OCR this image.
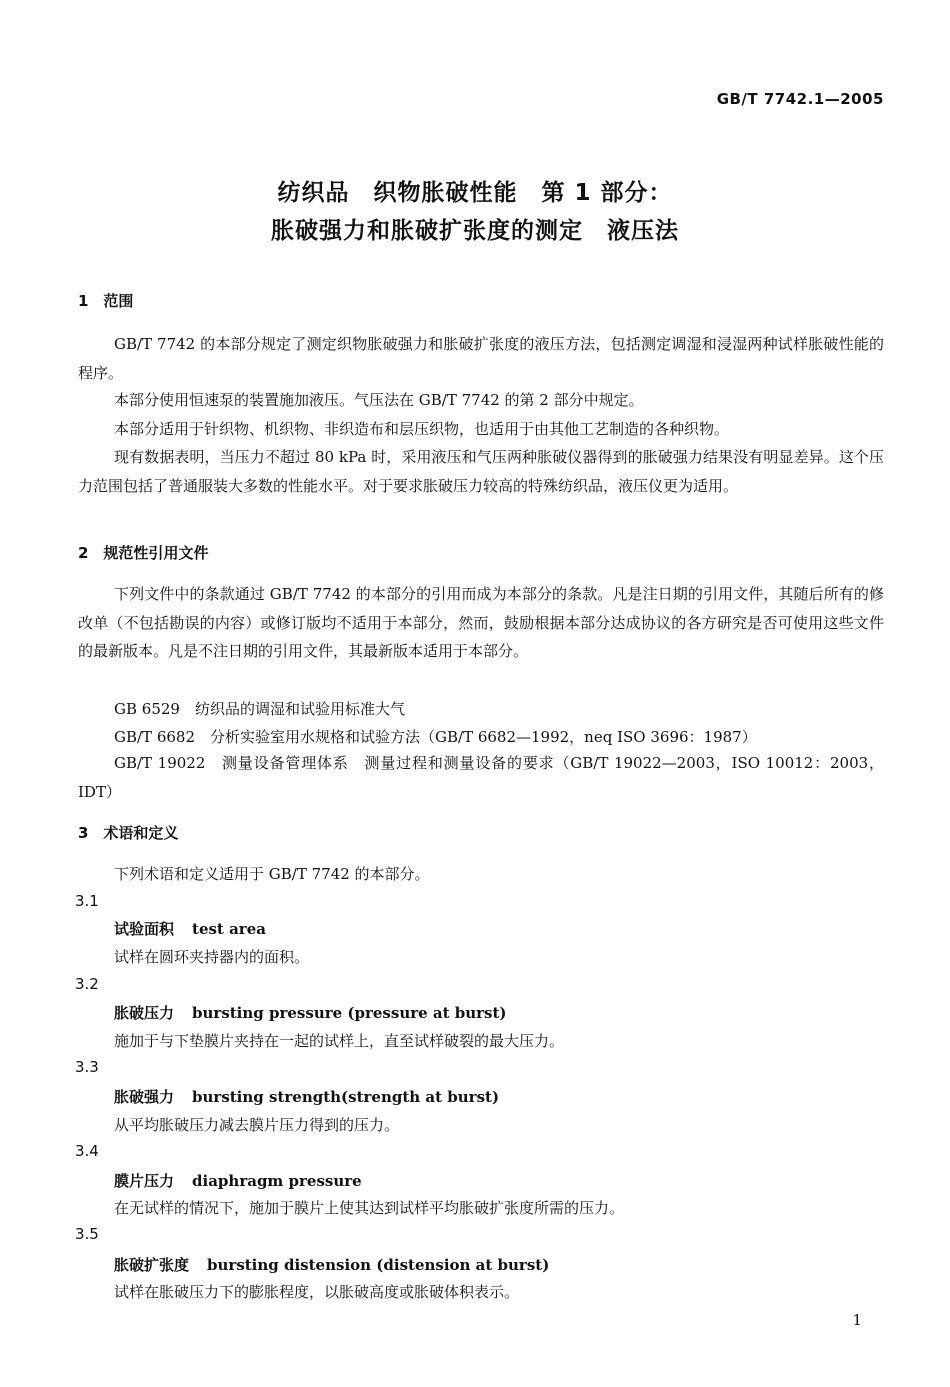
GB/T 7742.1—2005
纺织品　织物胀破性能　第 1 部分：
胀破强力和胀破扩张度的测定　液压法
1　范围
GB/T 7742 的本部分规定了测定织物胀破强力和胀破扩张度的液压方法，包括测定调湿和浸湿两种试样胀破性能的程序。
本部分使用恒速泵的装置施加液压。气压法在 GB/T 7742 的第 2 部分中规定。
本部分适用于针织物、机织物、非织造布和层压织物，也适用于由其他工艺制造的各种织物。
现有数据表明，当压力不超过 80 kPa 时，采用液压和气压两种胀破仪器得到的胀破强力结果没有明显差异。这个压力范围包括了普通服装大多数的性能水平。对于要求胀破压力较高的特殊纺织品，液压仪更为适用。
2　规范性引用文件
下列文件中的条款通过 GB/T 7742 的本部分的引用而成为本部分的条款。凡是注日期的引用文件，其随后所有的修改单（不包括勘误的内容）或修订版均不适用于本部分，然而，鼓励根据本部分达成协议的各方研究是否可使用这些文件的最新版本。凡是不注日期的引用文件，其最新版本适用于本部分。
GB 6529　纺织品的调湿和试验用标准大气
GB/T 6682　分析实验室用水规格和试验方法（GB/T 6682—1992，neq ISO 3696：1987）
GB/T 19022　测量设备管理体系　测量过程和测量设备的要求（GB/T 19022—2003，ISO 10012：2003，IDT）
3　术语和定义
下列术语和定义适用于 GB/T 7742 的本部分。
3.1
试验面积 test area
试样在圆环夹持器内的面积。
3.2
胀破压力 bursting pressure (pressure at burst)
施加于与下垫膜片夹持在一起的试样上，直至试样破裂的最大压力。
3.3
胀破强力 bursting strength(strength at burst)
从平均胀破压力减去膜片压力得到的压力。
3.4
膜片压力 diaphragm pressure
在无试样的情况下，施加于膜片上使其达到试样平均胀破扩张度所需的压力。
3.5
胀破扩张度 bursting distension (distension at burst)
试样在胀破压力下的膨胀程度，以胀破高度或胀破体积表示。
1
